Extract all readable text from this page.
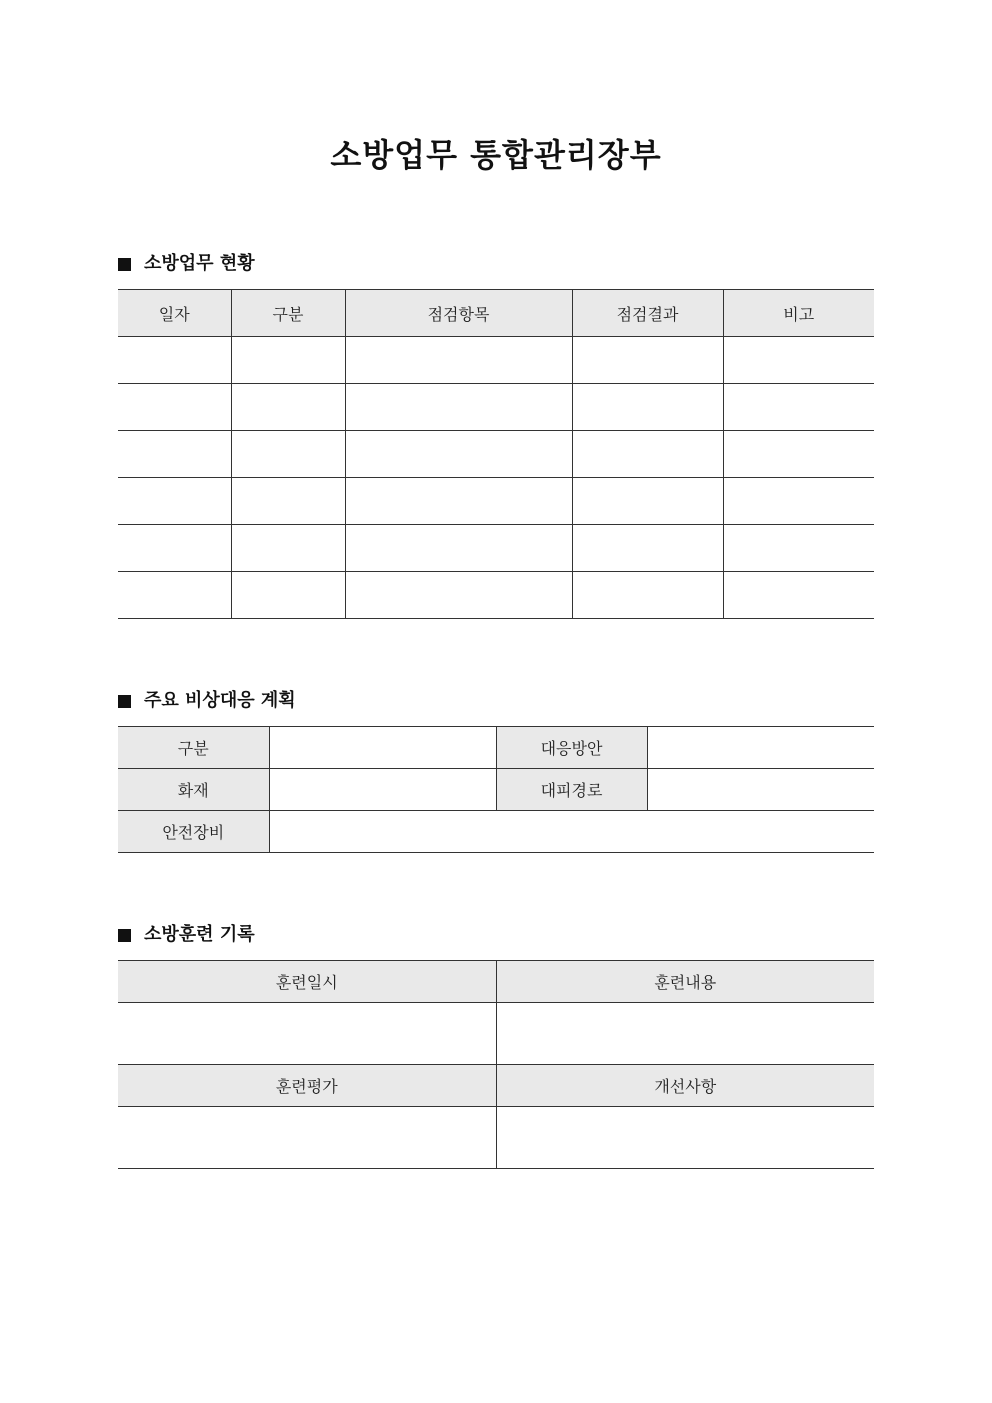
소방업무 통합관리장부
소방업무 현황
일자	구분	점검항목	점검결과	비고

주요 비상대응 계획
구분		대응방안	
화재		대피경로	
안전장비			
소방훈련 기록
훈련일시	훈련내용

훈련평가	개선사항
